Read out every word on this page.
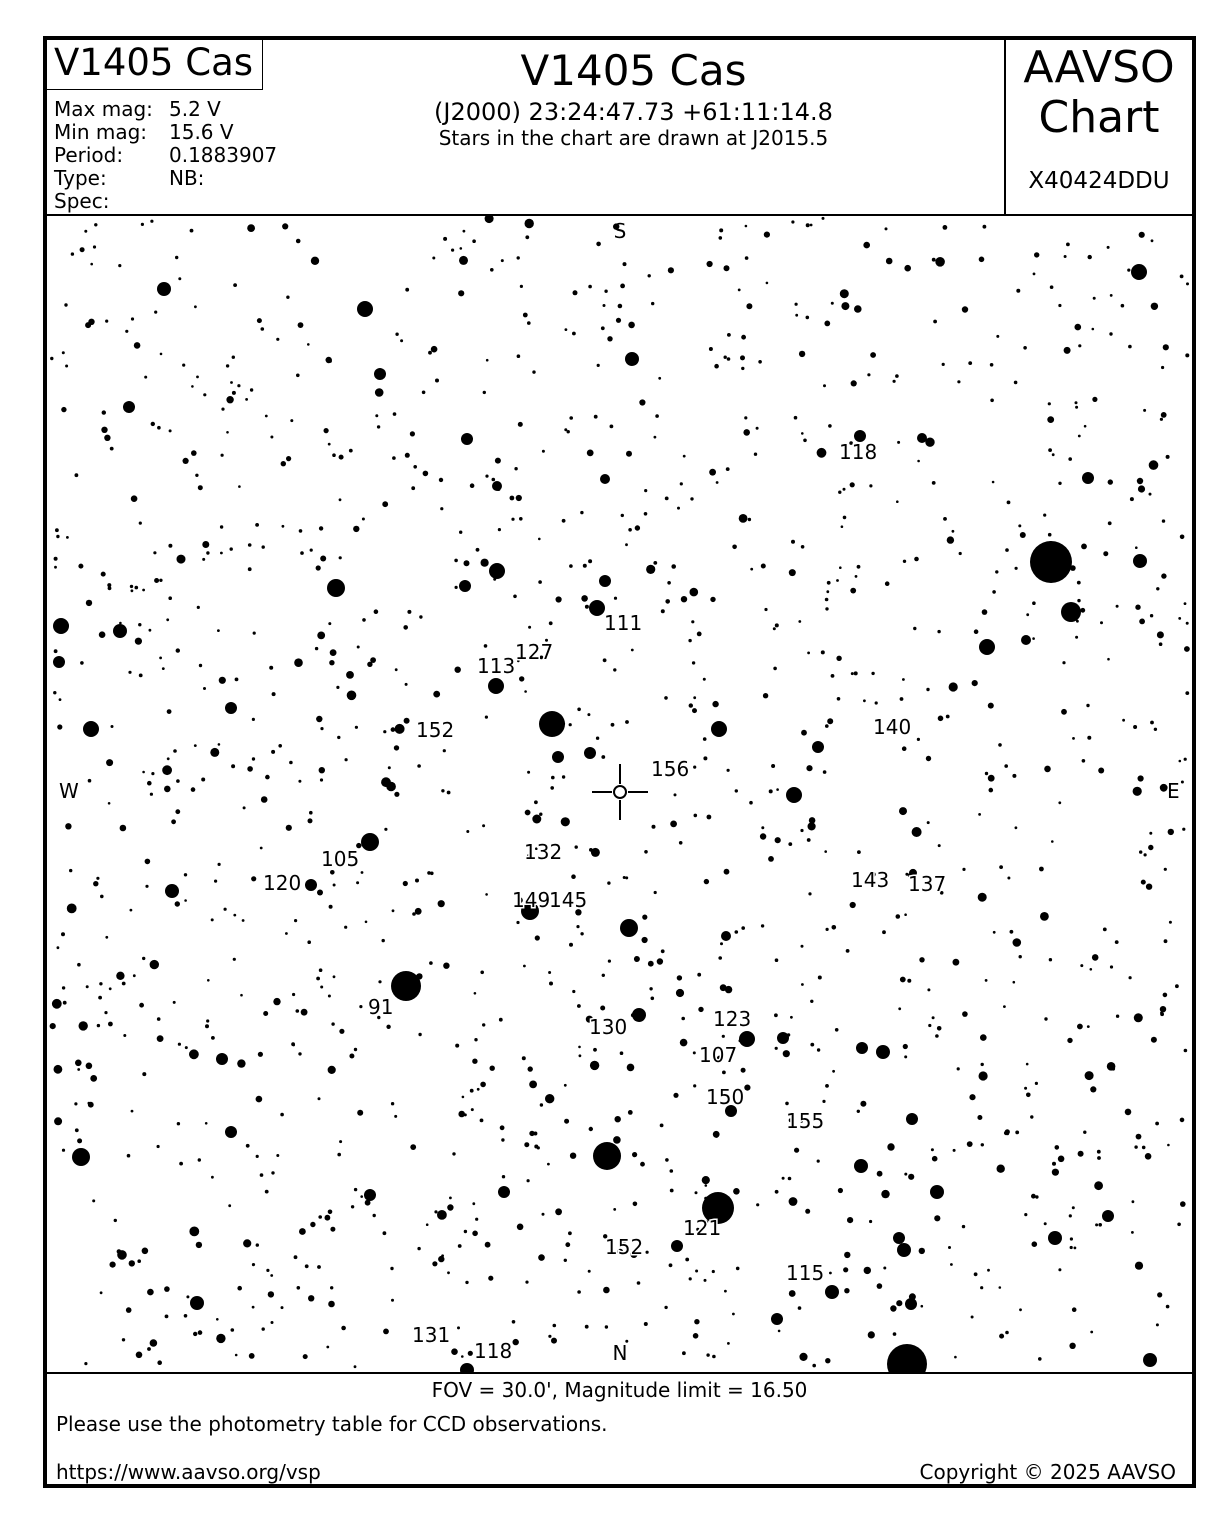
V1405 Cas
Max mag: 5.2 V
Min mag:	15.6 V
Period:	0.1883907
Type:	NB:
Spec:
V1405 Cas
(J2000) 23:24:47.73 +61:11:14.8
Stars in the chart are drawn at J2015.5
AAVSO
Chart
X40424DDU
118
111
127
113
152	140
156
105	132
120	143 137
149
145
91	123
130
107
150
155
121
152
115
131
118
S
N
W	E
FOV = 30.0', Magnitude limit = 16.50
Please use the photometry table for CCD observations.
https://www.aavso.org/vsp	Copyright © 2025 AAVSO
